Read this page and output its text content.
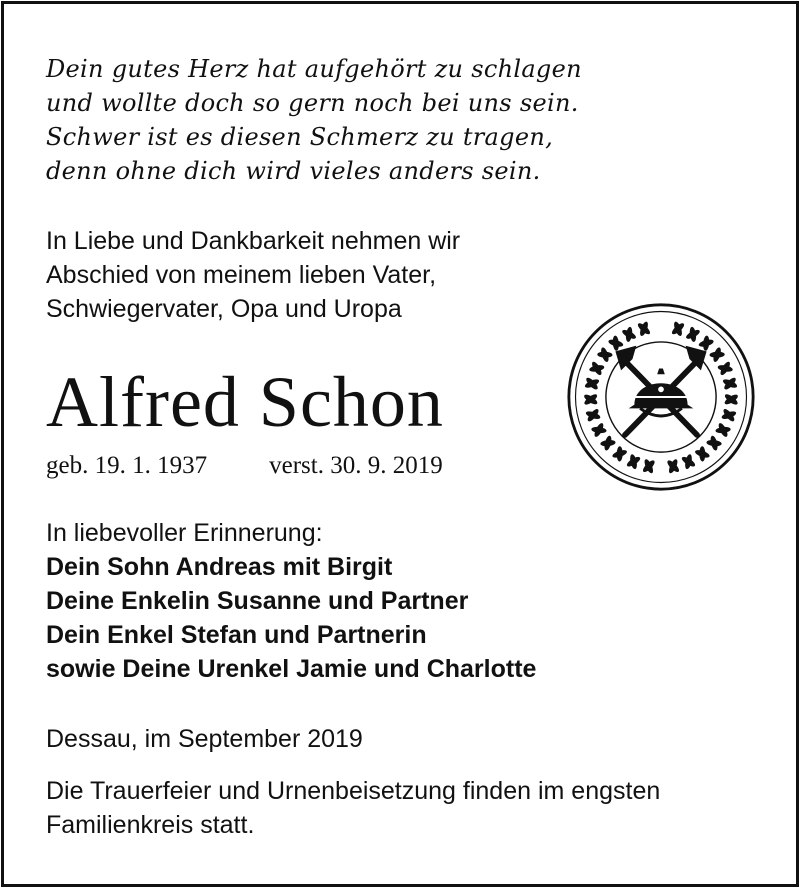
Dein gutes Herz hat aufgehört zu schlagen
und wollte doch so gern noch bei uns sein.
Schwer ist es diesen Schmerz zu tragen,
denn ohne dich wird vieles anders sein.
In Liebe und Dankbarkeit nehmen wir
Abschied von meinem lieben Vater,
Schwiegervater, Opa und Uropa
Alfred Schon
geb. 19. 1. 1937 verst. 30. 9. 2019
In liebevoller Erinnerung:
Dein Sohn Andreas mit Birgit
Deine Enkelin Susanne und Partner
Dein Enkel Stefan und Partnerin
sowie Deine Urenkel Jamie und Charlotte
Dessau, im September 2019
Die Trauerfeier und Urnenbeisetzung finden im engsten Familienkreis statt.
